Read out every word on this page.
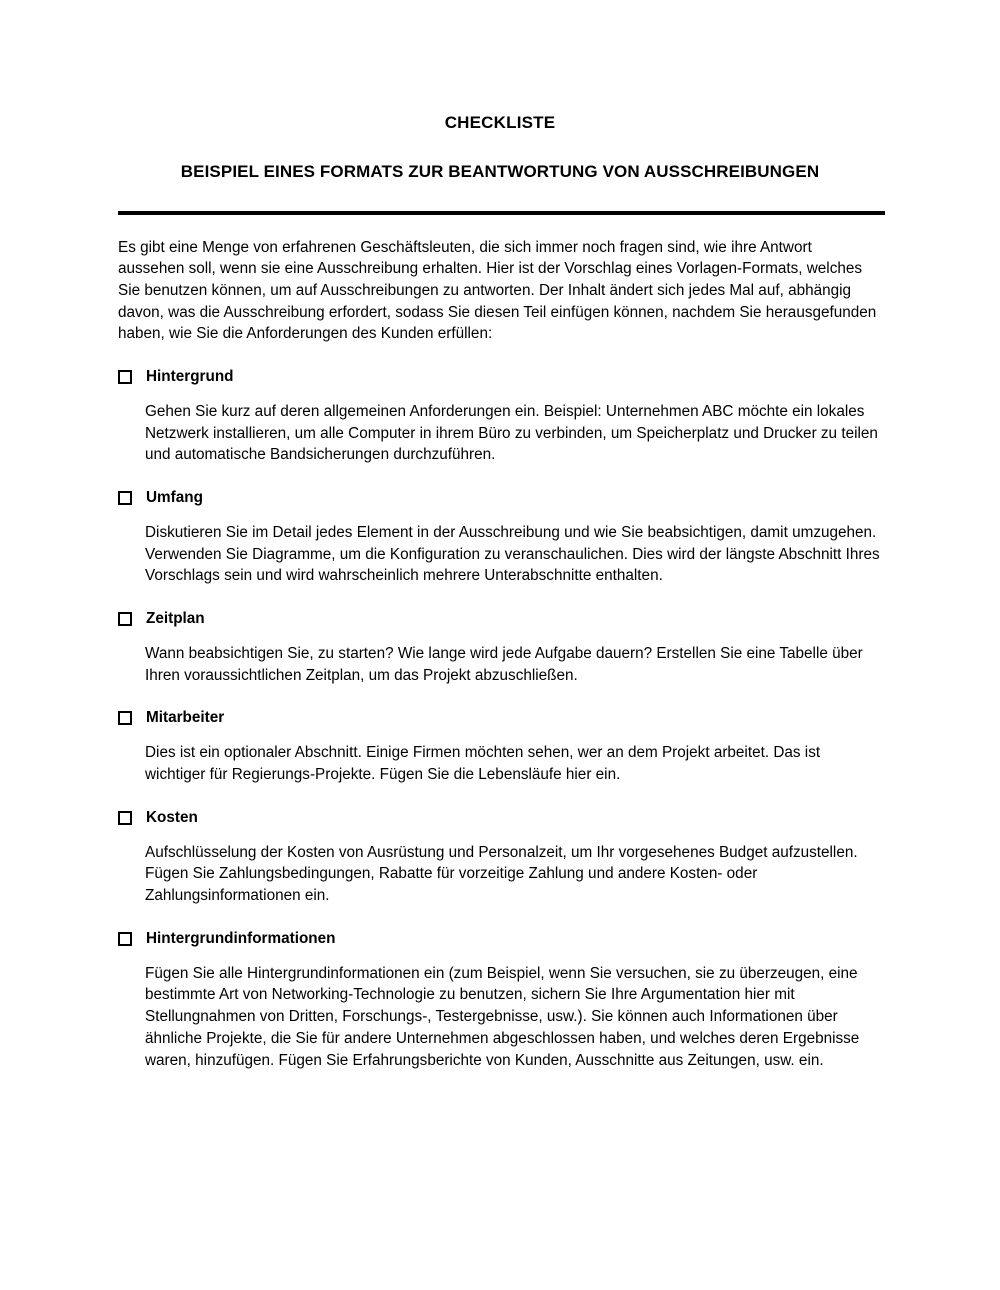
CHECKLISTE
BEISPIEL EINES FORMATS ZUR BEANTWORTUNG VON AUSSCHREIBUNGEN

Es gibt eine Menge von erfahrenen Geschäftsleuten, die sich immer noch fragen sind, wie ihre Antwort aussehen soll, wenn sie eine Ausschreibung erhalten. Hier ist der Vorschlag eines Vorlagen-Formats, welches Sie benutzen können, um auf Ausschreibungen zu antworten. Der Inhalt ändert sich jedes Mal auf, abhängig davon, was die Ausschreibung erfordert, sodass Sie diesen Teil einfügen können, nachdem Sie herausgefunden haben, wie Sie die Anforderungen des Kunden erfüllen:

Hintergrund

Gehen Sie kurz auf deren allgemeinen Anforderungen ein. Beispiel: Unternehmen ABC möchte ein lokales Netzwerk installieren, um alle Computer in ihrem Büro zu verbinden, um Speicherplatz und Drucker zu teilen und automatische Bandsicherungen durchzuführen.

Umfang

Diskutieren Sie im Detail jedes Element in der Ausschreibung und wie Sie beabsichtigen, damit umzugehen. Verwenden Sie Diagramme, um die Konfiguration zu veranschaulichen. Dies wird der längste Abschnitt Ihres Vorschlags sein und wird wahrscheinlich mehrere Unterabschnitte enthalten.

Zeitplan

Wann beabsichtigen Sie, zu starten? Wie lange wird jede Aufgabe dauern? Erstellen Sie eine Tabelle über Ihren voraussichtlichen Zeitplan, um das Projekt abzuschließen.

Mitarbeiter

Dies ist ein optionaler Abschnitt. Einige Firmen möchten sehen, wer an dem Projekt arbeitet. Das ist wichtiger für Regierungs-Projekte. Fügen Sie die Lebensläufe hier ein.

Kosten

Aufschlüsselung der Kosten von Ausrüstung und Personalzeit, um Ihr vorgesehenes Budget aufzustellen. Fügen Sie Zahlungsbedingungen, Rabatte für vorzeitige Zahlung und andere Kosten- oder Zahlungsinformationen ein.

Hintergrundinformationen

Fügen Sie alle Hintergrundinformationen ein (zum Beispiel, wenn Sie versuchen, sie zu überzeugen, eine bestimmte Art von Networking-Technologie zu benutzen, sichern Sie Ihre Argumentation hier mit Stellungnahmen von Dritten, Forschungs-, Testergebnisse, usw.). Sie können auch Informationen über ähnliche Projekte, die Sie für andere Unternehmen abgeschlossen haben, und welches deren Ergebnisse waren, hinzufügen. Fügen Sie Erfahrungsberichte von Kunden, Ausschnitte aus Zeitungen, usw. ein.
